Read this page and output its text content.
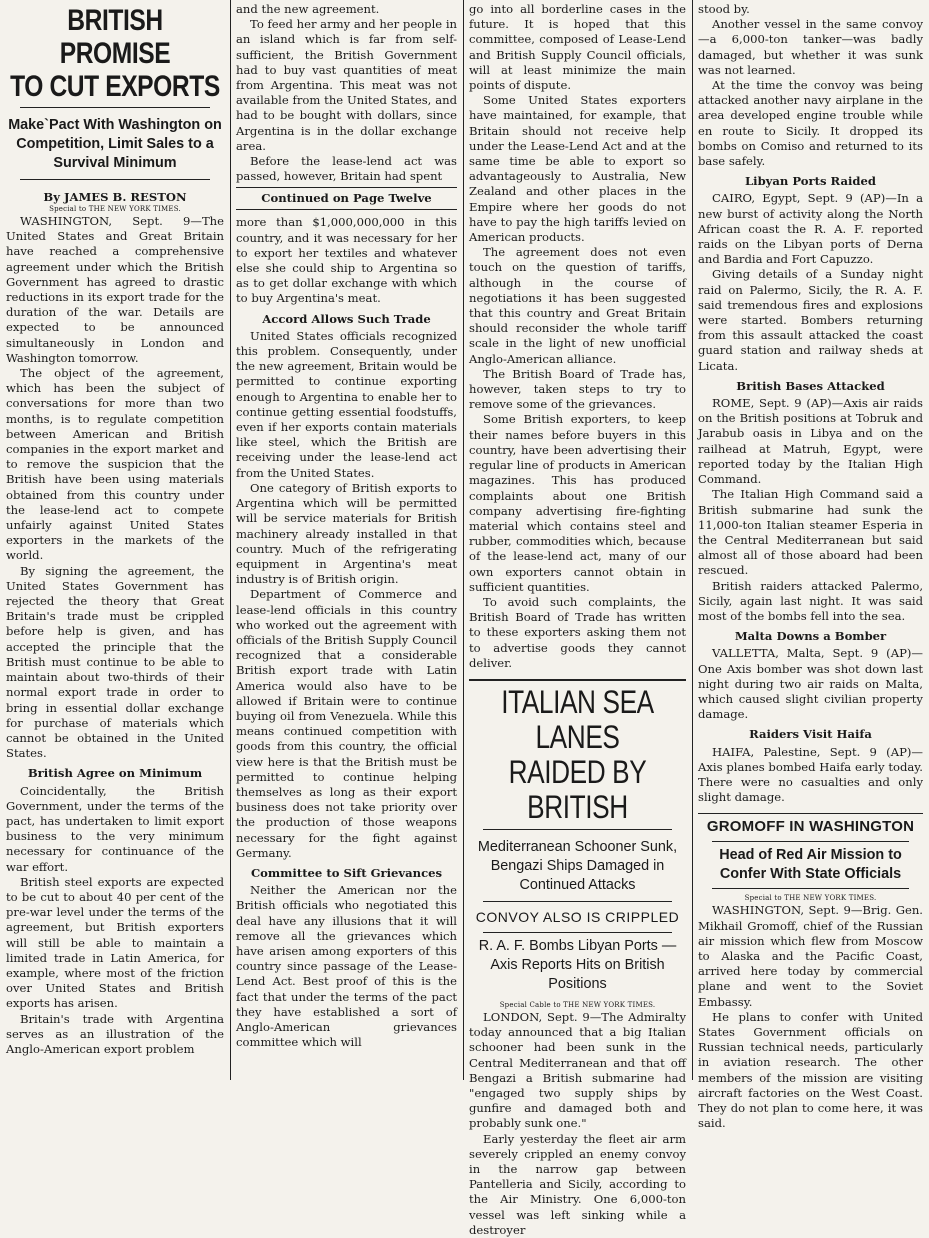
BRITISH PROMISE
TO CUT EXPORTS
Make`Pact With Washington on Competition, Limit Sales to a Survival Minimum
By JAMES B. RESTON
Special to THE NEW YORK TIMES.

WASHINGTON, Sept. 9—The United States and Great Britain have reached a comprehensive agreement under which the British Government has agreed to drastic reductions in its export trade for the duration of the war. Details are expected to be announced simultaneously in London and Washington tomorrow.

The object of the agreement, which has been the subject of conversations for more than two months, is to regulate competition between American and British companies in the export market and to remove the suspicion that the British have been using materials obtained from this country under the lease-lend act to compete unfairly against United States exporters in the markets of the world.

By signing the agreement, the United States Government has rejected the theory that Great Britain's trade must be crippled before help is given, and has accepted the principle that the British must continue to be able to maintain about two-thirds of their normal export trade in order to bring in essential dollar exchange for purchase of materials which cannot be obtained in the United States.

British Agree on Minimum

Coincidentally, the British Government, under the terms of the pact, has undertaken to limit export business to the very minimum necessary for continuance of the war effort.

British steel exports are expected to be cut to about 40 per cent of the pre-war level under the terms of the agreement, but British exporters will still be able to maintain a limited trade in Latin America, for example, where most of the friction over United States and British exports has arisen.

Britain's trade with Argentina serves as an illustration of the Anglo-American export problem

and the new agreement.

To feed her army and her people in an island which is far from self-sufficient, the British Government had to buy vast quantities of meat from Argentina. This meat was not available from the United States, and had to be bought with dollars, since Argentina is in the dollar exchange area.

Before the lease-lend act was passed, however, Britain had spent

Continued on Page Twelve

more than $1,000,000,000 in this country, and it was necessary for her to export her textiles and whatever else she could ship to Argentina so as to get dollar exchange with which to buy Argentina's meat.

Accord Allows Such Trade

United States officials recognized this problem. Consequently, under the new agreement, Britain would be permitted to continue exporting enough to Argentina to enable her to continue getting essential foodstuffs, even if her exports contain materials like steel, which the British are receiving under the lease-lend act from the United States.

One category of British exports to Argentina which will be permitted will be service materials for British machinery already installed in that country. Much of the refrigerating equipment in Argentina's meat industry is of British origin.

Department of Commerce and lease-lend officials in this country who worked out the agreement with officials of the British Supply Council recognized that a considerable British export trade with Latin America would also have to be allowed if Britain were to continue buying oil from Venezuela. While this means continued competition with goods from this country, the official view here is that the British must be permitted to continue helping themselves as long as their export business does not take priority over the production of those weapons necessary for the fight against Germany.

Committee to Sift Grievances

Neither the American nor the British officials who negotiated this deal have any illusions that it will remove all the grievances which have arisen among exporters of this country since passage of the Lease-Lend Act. Best proof of this is the fact that under the terms of the pact they have established a sort of Anglo-American grievances committee which will

go into all borderline cases in the future. It is hoped that this committee, composed of Lease-Lend and British Supply Council officials, will at least minimize the main points of dispute.

Some United States exporters have maintained, for example, that Britain should not receive help under the Lease-Lend Act and at the same time be able to export so advantageously to Australia, New Zealand and other places in the Empire where her goods do not have to pay the high tariffs levied on American products.

The agreement does not even touch on the question of tariffs, although in the course of negotiations it has been suggested that this country and Great Britain should reconsider the whole tariff scale in the light of new unofficial Anglo-American alliance.

The British Board of Trade has, however, taken steps to try to remove some of the grievances.

Some British exporters, to keep their names before buyers in this country, have been advertising their regular line of products in American magazines. This has produced complaints about one British company advertising fire-fighting material which contains steel and rubber, commodities which, because of the lease-lend act, many of our own exporters cannot obtain in sufficient quantities.

To avoid such complaints, the British Board of Trade has written to these exporters asking them not to advertise goods they cannot deliver.

ITALIAN SEA LANES
RAIDED BY BRITISH
Mediterranean Schooner Sunk, Bengazi Ships Damaged in Continued Attacks
CONVOY ALSO IS CRIPPLED
R. A. F. Bombs Libyan Ports —Axis Reports Hits on British Positions
Special Cable to THE NEW YORK TIMES.

LONDON, Sept. 9—The Admiralty today announced that a big Italian schooner had been sunk in the Central Mediterranean and that off Bengazi a British submarine had "engaged two supply ships by gunfire and damaged both and probably sunk one."

Early yesterday the fleet air arm severely crippled an enemy convoy in the narrow gap between Pantelleria and Sicily, according to the Air Ministry. One 6,000-ton vessel was left sinking while a destroyer

stood by.

Another vessel in the same convoy—a 6,000-ton tanker—was badly damaged, but whether it was sunk was not learned.

At the time the convoy was being attacked another navy airplane in the area developed engine trouble while en route to Sicily. It dropped its bombs on Comiso and returned to its base safely.

Libyan Ports Raided

CAIRO, Egypt, Sept. 9 (AP)—In a new burst of activity along the North African coast the R. A. F. reported raids on the Libyan ports of Derna and Bardia and Fort Capuzzo.

Giving details of a Sunday night raid on Palermo, Sicily, the R. A. F. said tremendous fires and explosions were started. Bombers returning from this assault attacked the coast guard station and railway sheds at Licata.

British Bases Attacked

ROME, Sept. 9 (AP)—Axis air raids on the British positions at Tobruk and Jarabub oasis in Libya and on the railhead at Matruh, Egypt, were reported today by the Italian High Command.

The Italian High Command said a British submarine had sunk the 11,000-ton Italian steamer Esperia in the Central Mediterranean but said almost all of those aboard had been rescued.

British raiders attacked Palermo, Sicily, again last night. It was said most of the bombs fell into the sea.

Malta Downs a Bomber

VALLETTA, Malta, Sept. 9 (AP)—One Axis bomber was shot down last night during two air raids on Malta, which caused slight civilian property damage.

Raiders Visit Haifa

HAIFA, Palestine, Sept. 9 (AP)—Axis planes bombed Haifa early today. There were no casualties and only slight damage.

GROMOFF IN WASHINGTON
Head of Red Air Mission to Confer With State Officials
Special to THE NEW YORK TIMES.

WASHINGTON, Sept. 9—Brig. Gen. Mikhail Gromoff, chief of the Russian air mission which flew from Moscow to Alaska and the Pacific Coast, arrived here today by commercial plane and went to the Soviet Embassy.

He plans to confer with United States Government officials on Russian technical needs, particularly in aviation research. The other members of the mission are visiting aircraft factories on the West Coast. They do not plan to come here, it was said.
